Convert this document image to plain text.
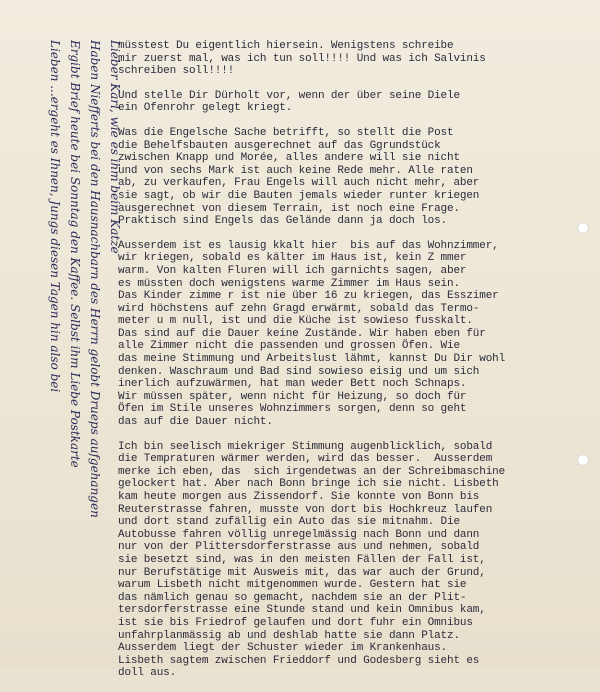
Lieber Karl, wie es ihm beim Katze
Haben Niefferts bei den Hausnachbarn des Herrn gelobt Drueps aufgehangen
Ergibt Brief heute bei Sonntag den Kaffee. Selbst ihm Liebe Postkarte
Lieben ...ergeht es Ihnen, Jungs diesen Tagen hin also bei	müsstest Du eigentlich hiersein. Wenigstens schreibe
mir zuerst mal, was ich tun soll!!!! Und was ich Salvinis
schreiben soll!!!!
Und stelle Dir Dürholt vor, wenn der über seine Diele
ein Ofenrohr gelegt kriegt.
Was die Engelsche Sache betrifft, so stellt die Post
die Behelfsbauten ausgerechnet auf das Ggrundstück
zwischen Knapp und Morée, alles andere will sie nicht
und von sechs Mark ist auch keine Rede mehr. Alle raten
ab, zu verkaufen, Frau Engels will auch nicht mehr, aber
sie sagt, ob wir die Bauten jemals wieder runter kriegen
ausgerechnet von diesem Terrain, ist noch eine Frage.
Praktisch sind Engels das Gelände dann ja doch los.
Ausserdem ist es lausig kkalt hier  bis auf das Wohnzimmer,
wir kriegen, sobald es kälter im Haus ist, kein Z mmer
warm. Von kalten Fluren will ich garnichts sagen, aber
es müssten doch wenigstens warme Zimmer im Haus sein.
Das Kinder zimme r ist nie über 16 zu kriegen, das Esszimer
wird höchstens auf zehn Gragd erwärmt, sobald das Termo-
meter u m null, ist und die Küche ist sowieso fusskalt.
Das sind auf die Dauer keine Zustände. Wir haben eben für
alle Zimmer nicht die passenden und grossen Öfen. Wie
das meine Stimmung und Arbeitslust lähmt, kannst Du Dir wohl
denken. Waschraum und Bad sind sowieso eisig und um sich
inerlich aufzuwärmen, hat man weder Bett noch Schnaps.
Wir müssen später, wenn nicht für Heizung, so doch für
Öfen im Stile unseres Wohnzimmers sorgen, denn so geht
das auf die Dauer nicht.
Ich bin seelisch miekriger Stimmung augenblicklich, sobald
die Tempraturen wärmer werden, wird das besser.  Ausserdem
merke ich eben, das  sich irgendetwas an der Schreibmaschine
gelockert hat. Aber nach Bonn bringe ich sie nicht. Lisbeth
kam heute morgen aus Zissendorf. Sie konnte von Bonn bis
Reuterstrasse fahren, musste von dort bis Hochkreuz laufen
und dort stand zufällig ein Auto das sie mitnahm. Die
Autobusse fahren völlig unregelmässig nach Bonn und dann
nur von der Plittersdorferstrasse aus und nehmen, sobald
sie besetzt sind, was in den meisten Fällen der Fall ist,
nur Berufstätige mit Ausweis mit, das war auch der Grund,
warum Lisbeth nicht mitgenommen wurde. Gestern hat sie
das nämlich genau so gemacht, nachdem sie an der Plit-
tersdorferstrasse eine Stunde stand und kein Omnibus kam,
ist sie bis Friedrof gelaufen und dort fuhr ein Omnibus
unfahrplanmässig ab und deshlab hatte sie dann Platz.
Ausserdem liegt der Schuster wieder im Krankenhaus.
Lisbeth sagtem zwischen Frieddorf und Godesberg sieht es
doll aus.
